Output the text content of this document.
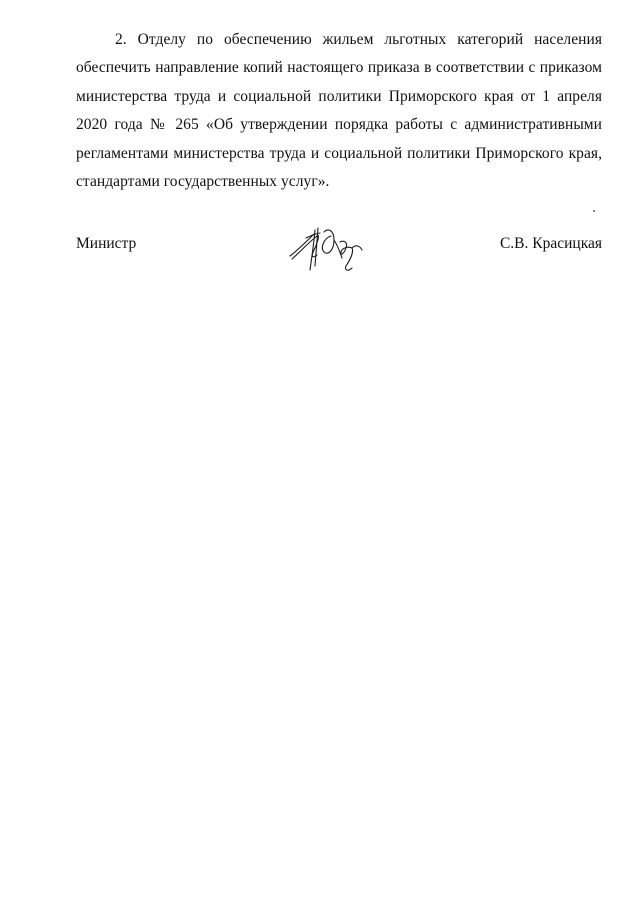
2. Отделу по обеспечению жильем льготных категорий населения обеспечить направление копий настоящего приказа в соответствии с приказом министерства труда и социальной политики Приморского края от 1 апреля 2020 года № 265 «Об утверждении порядка работы с административными регламентами министерства труда и социальной политики Приморского края, стандартами государственных услуг».

Министр	С.В. Красицкая
